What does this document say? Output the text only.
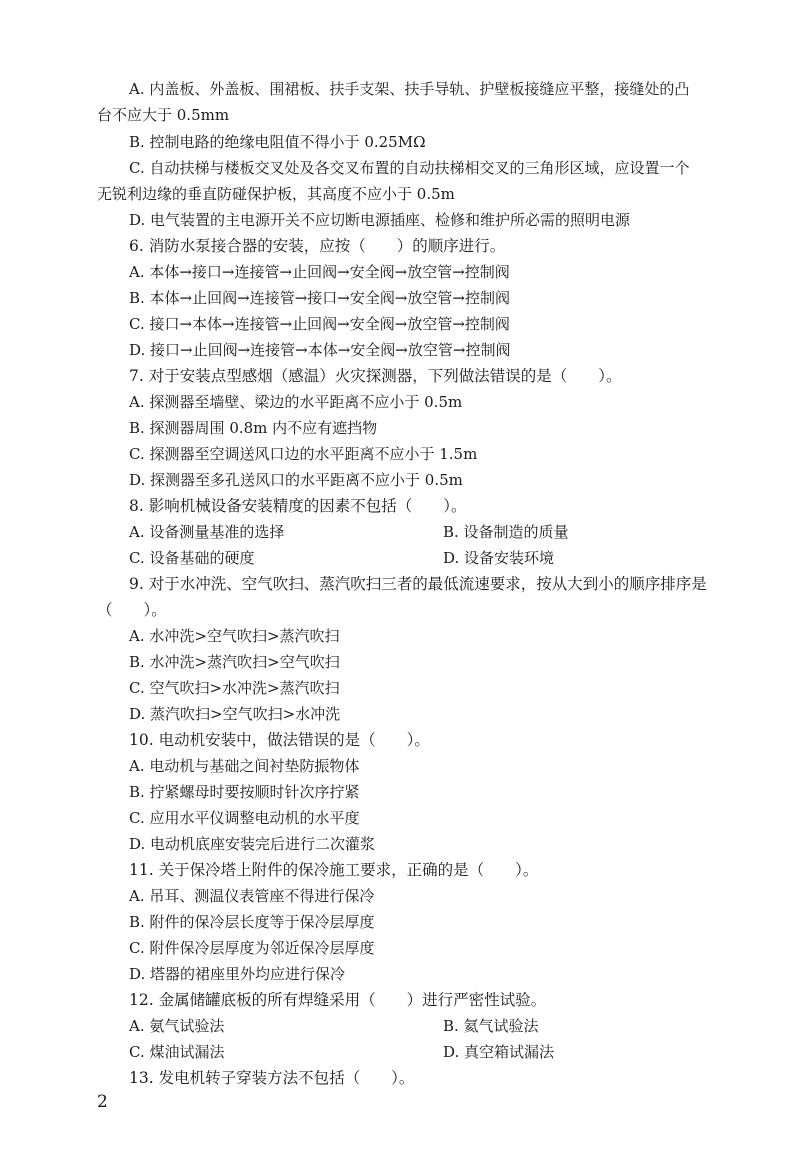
A. 内盖板、外盖板、围裙板、扶手支架、扶手导轨、护壁板接缝应平整，接缝处的凸
台不应大于 0.5mm
B. 控制电路的绝缘电阻值不得小于 0.25MΩ
C. 自动扶梯与楼板交叉处及各交叉布置的自动扶梯相交叉的三角形区域，应设置一个
无锐利边缘的垂直防碰保护板，其高度不应小于 0.5m
D. 电气装置的主电源开关不应切断电源插座、检修和维护所必需的照明电源
6. 消防水泵接合器的安装，应按（　　）的顺序进行。
A. 本体→接口→连接管→止回阀→安全阀→放空管→控制阀
B. 本体→止回阀→连接管→接口→安全阀→放空管→控制阀
C. 接口→本体→连接管→止回阀→安全阀→放空管→控制阀
D. 接口→止回阀→连接管→本体→安全阀→放空管→控制阀
7. 对于安装点型感烟（感温）火灾探测器，下列做法错误的是（　　）。
A. 探测器至墙壁、梁边的水平距离不应小于 0.5m
B. 探测器周围 0.8m 内不应有遮挡物
C. 探测器至空调送风口边的水平距离不应小于 1.5m
D. 探测器至多孔送风口的水平距离不应小于 0.5m
8. 影响机械设备安装精度的因素不包括（　　）。
A. 设备测量基准的选择	B. 设备制造的质量
C. 设备基础的硬度	D. 设备安装环境
9. 对于水冲洗、空气吹扫、蒸汽吹扫三者的最低流速要求，按从大到小的顺序排序是
（　　）。
A. 水冲洗>空气吹扫>蒸汽吹扫
B. 水冲洗>蒸汽吹扫>空气吹扫
C. 空气吹扫>水冲洗>蒸汽吹扫
D. 蒸汽吹扫>空气吹扫>水冲洗
10. 电动机安装中，做法错误的是（　　）。
A. 电动机与基础之间衬垫防振物体
B. 拧紧螺母时要按顺时针次序拧紧
C. 应用水平仪调整电动机的水平度
D. 电动机底座安装完后进行二次灌浆
11. 关于保冷塔上附件的保冷施工要求，正确的是（　　）。
A. 吊耳、测温仪表管座不得进行保冷
B. 附件的保冷层长度等于保冷层厚度
C. 附件保冷层厚度为邻近保冷层厚度
D. 塔器的裙座里外均应进行保冷
12. 金属储罐底板的所有焊缝采用（　　）进行严密性试验。
A. 氨气试验法	B. 氦气试验法
C. 煤油试漏法	D. 真空箱试漏法
13. 发电机转子穿装方法不包括（　　）。
2
